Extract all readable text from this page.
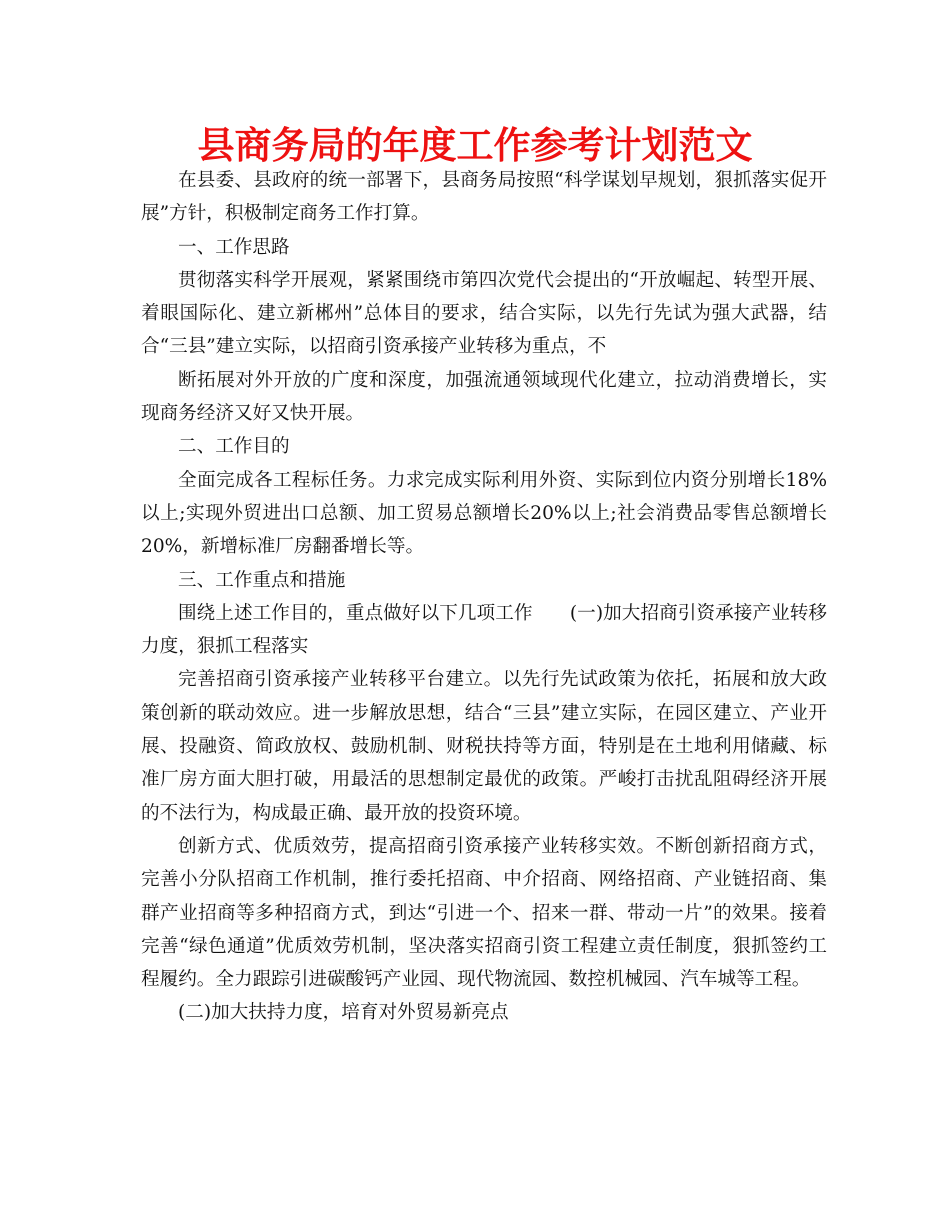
县商务局的年度工作参考计划范文

在县委、县政府的统一部署下，县商务局按照“科学谋划早规划，狠抓落实促开展”方针，积极制定商务工作打算。

一、工作思路

贯彻落实科学开展观，紧紧围绕市第四次党代会提出的“开放崛起、转型开展、着眼国际化、建立新郴州”总体目的要求，结合实际，以先行先试为强大武器，结合“三县”建立实际，以招商引资承接产业转移为重点，不

断拓展对外开放的广度和深度，加强流通领域现代化建立，拉动消费增长，实现商务经济又好又快开展。

二、工作目的

全面完成各工程标任务。力求完成实际利用外资、实际到位内资分别增长18%以上;实现外贸进出口总额、加工贸易总额增长20%以上;社会消费品零售总额增长20%，新增标准厂房翻番增长等。

三、工作重点和措施

围绕上述工作目的，重点做好以下几项工作　　(一)加大招商引资承接产业转移力度，狠抓工程落实

完善招商引资承接产业转移平台建立。以先行先试政策为依托，拓展和放大政策创新的联动效应。进一步解放思想，结合“三县”建立实际，在园区建立、产业开展、投融资、简政放权、鼓励机制、财税扶持等方面，特别是在土地利用储藏、标准厂房方面大胆打破，用最活的思想制定最优的政策。严峻打击扰乱阻碍经济开展的不法行为，构成最正确、最开放的投资环境。

创新方式、优质效劳，提高招商引资承接产业转移实效。不断创新招商方式，完善小分队招商工作机制，推行委托招商、中介招商、网络招商、产业链招商、集群产业招商等多种招商方式，到达“引进一个、招来一群、带动一片”的效果。接着完善“绿色通道”优质效劳机制，坚决落实招商引资工程建立责任制度，狠抓签约工程履约。全力跟踪引进碳酸钙产业园、现代物流园、数控机械园、汽车城等工程。

(二)加大扶持力度，培育对外贸易新亮点
